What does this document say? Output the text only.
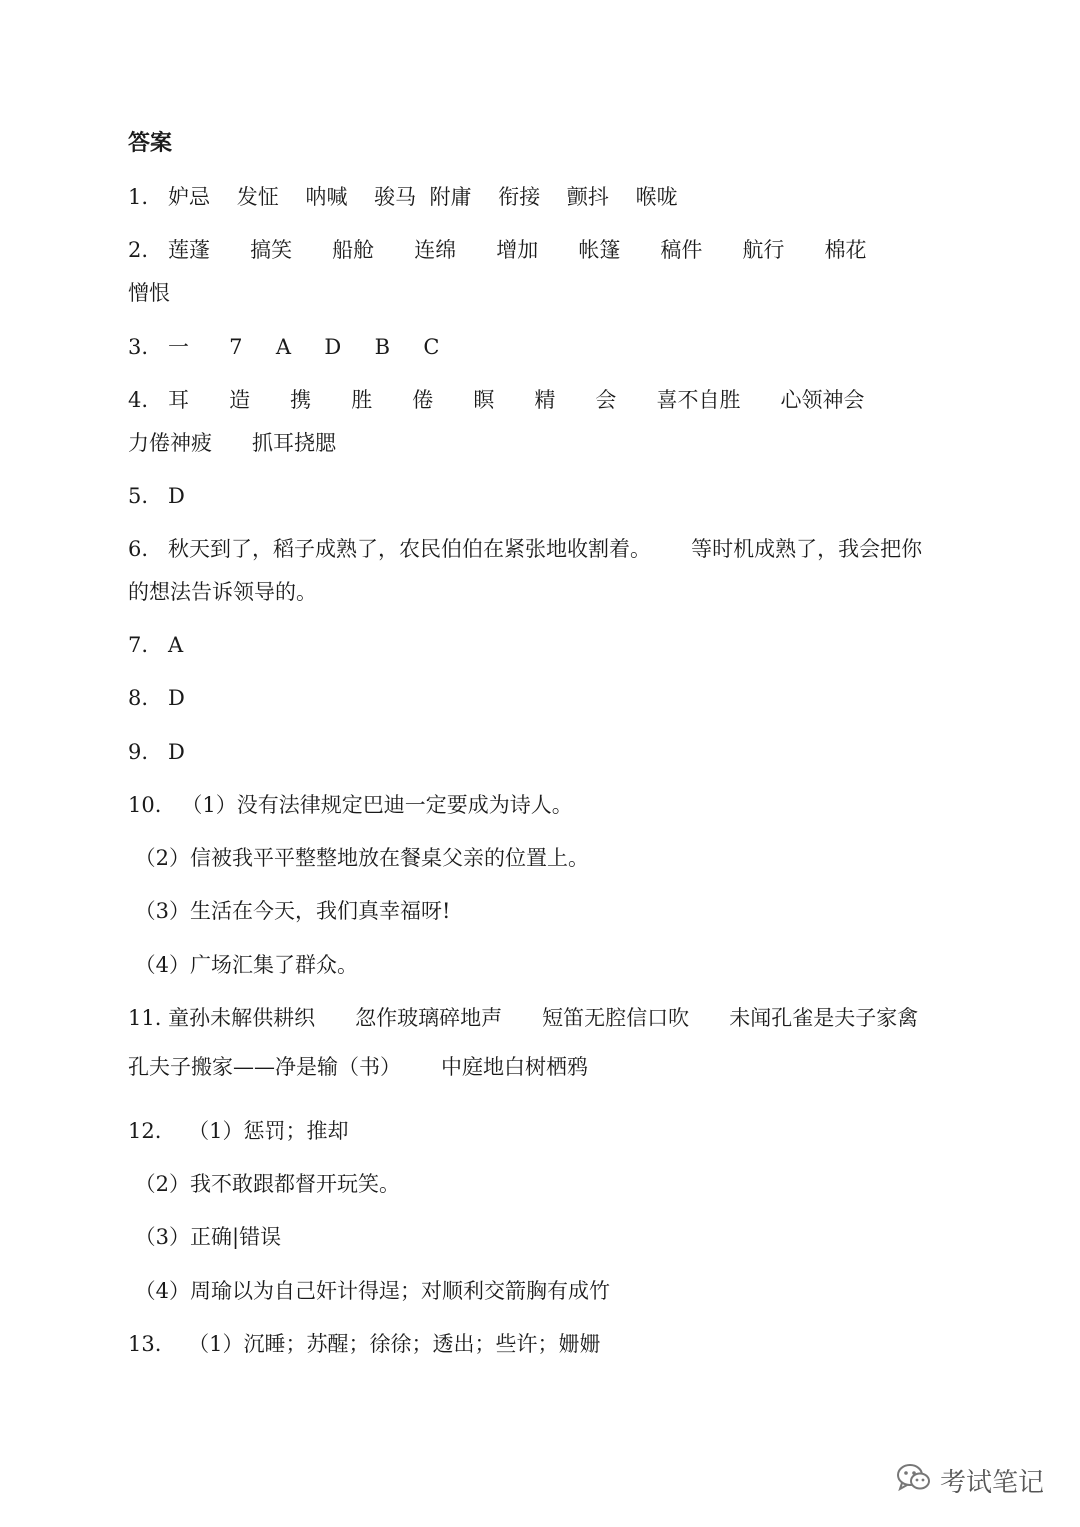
答案
1.   妒忌    发怔    呐喊    骏马  附庸    衔接    颤抖    喉咙
2.   莲蓬      搞笑      船舱      连绵      增加      帐篷      稿件      航行      棉花
憎恨
3.   一      7     A     D     B     C
4.   耳      造      携      胜      倦      瞑      精      会      喜不自胜      心领神会
力倦神疲      抓耳挠腮
5.   D
6.   秋天到了，稻子成熟了，农民伯伯在紧张地收割着。      等时机成熟了，我会把你
的想法告诉领导的。
7.   A
8.   D
9.   D
10.   （1）没有法律规定巴迪一定要成为诗人。
（2）信被我平平整整地放在餐桌父亲的位置上。
（3）生活在今天，我们真幸福呀!
（4）广场汇集了群众。
11. 童孙未解供耕织      忽作玻璃碎地声      短笛无腔信口吹      未闻孔雀是夫子家禽
孔夫子搬家——净是输（书）      中庭地白树栖鸦
12.    （1）惩罚；推却
（2）我不敢跟都督开玩笑。
（3）正确|错误
（4）周瑜以为自己奸计得逞；对顺利交箭胸有成竹
13.    （1）沉睡；苏醒；徐徐；透出；些许；姗姗
考试笔记
